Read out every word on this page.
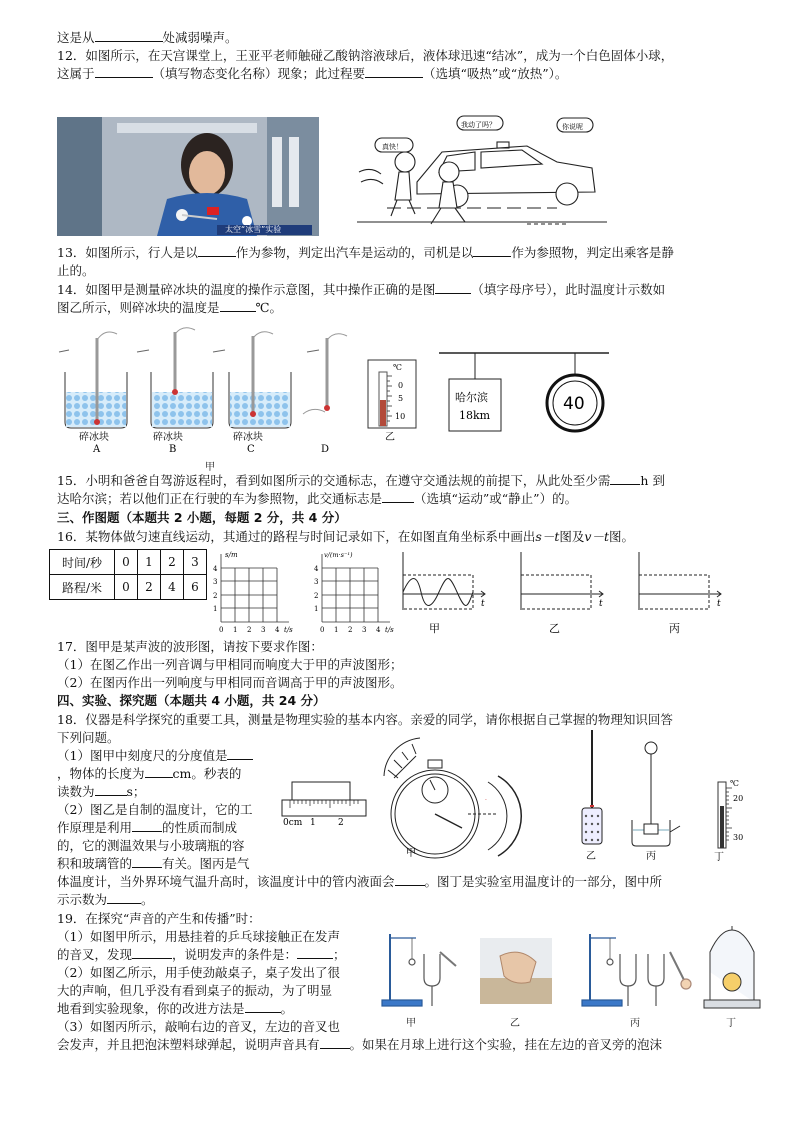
这是从	处减弱噪声。
12．如图所示，在天宫课堂上，王亚平老师触碰乙酸钠溶液球后，液体球迅速“结冰”，成为一个白色固体小球，
这属于	（填写物态变化名称）现象；此过程要	（选填“吸热”或“放热”）。
太空“冰雪”实验
真快！
我动了吗？	你说呢
13．如图所示，行人是以	作为参物，判定出汽车是运动的，司机是以	作为参照物，判定出乘客是静
止的。
14．如图甲是测量碎冰块的温度的操作示意图，其中操作正确的是图	（填字母序号），此时温度计示数如
图乙所示，则碎冰块的温度是	℃。
碎冰块	碎冰块	碎冰块
A	B	C	D
甲
℃
0
5
10
乙
哈尔滨
18km
40
15．小明和爸爸自驾游返程时，看到如图所示的交通标志，在遵守交通法规的前提下，从此处至少需 h 到
达哈尔滨；若以他们正在行驶的车为参照物，此交通标志是	（选填“运动”或“静止”）的。
三、作图题（本题共 2 小题，每题 2 分，共 4 分）
16．某物体做匀速直线运动，其通过的路程与时间记录如下，在如图直角坐标系中画出s－t图及v－t图。
时间/秒	0	1	2	3
路程/米	0	2	4	6
s/m
4
3
2
1
0 1 2 3 4 t/s
v/(m·s⁻¹)
4
3
2
1
0 1 2 3 4 t/s
t	t	t
甲	乙	丙
17．图甲是某声波的波形图，请按下要求作图：
（1）在图乙作出一列音调与甲相同而响度大于甲的声波图形；
（2）在图丙作出一列响度与甲相同而音调高于甲的声波图形。
四、实验、探究题（本题共 4 小题，共 24 分）
18．仪器是科学探究的重要工具，测量是物理实验的基本内容。亲爱的同学，请你根据自己掌握的物理知识回答
下列问题。
（1）图甲中刻度尺的分度值是
，物体的长度为 cm。秒表的
读数为	s；
（2）图乙是自制的温度计，它的工
作原理是利用 的性质而制成
的，它的测温效果与小玻璃瓶的容
积和玻璃管的 有关。图丙是气
体温度计，当外界环境气温升高时，该温度计中的管内液面会 。图丁是实验室用温度计的一部分，图中所
示示数为	。
0cm 1 2
·
甲	乙	丙
℃
20
30
丁
19．在探究“声音的产生和传播”时：
（1）如图甲所示，用悬挂着的乒乓球接触正在发声
的音叉，发现	，说明发声的条件是：	；
（2）如图乙所示，用手使劲敲桌子，桌子发出了很
大的声响，但几乎没有看到桌子的振动，为了明显
地看到实验现象，你的改进方法是	。
（3）如图丙所示，敲响右边的音叉，左边的音叉也
会发声，并且把泡沫塑料球弹起，说明声音具有 。如果在月球上进行这个实验，挂在左边的音叉旁的泡沫
甲	乙	丙	丁
